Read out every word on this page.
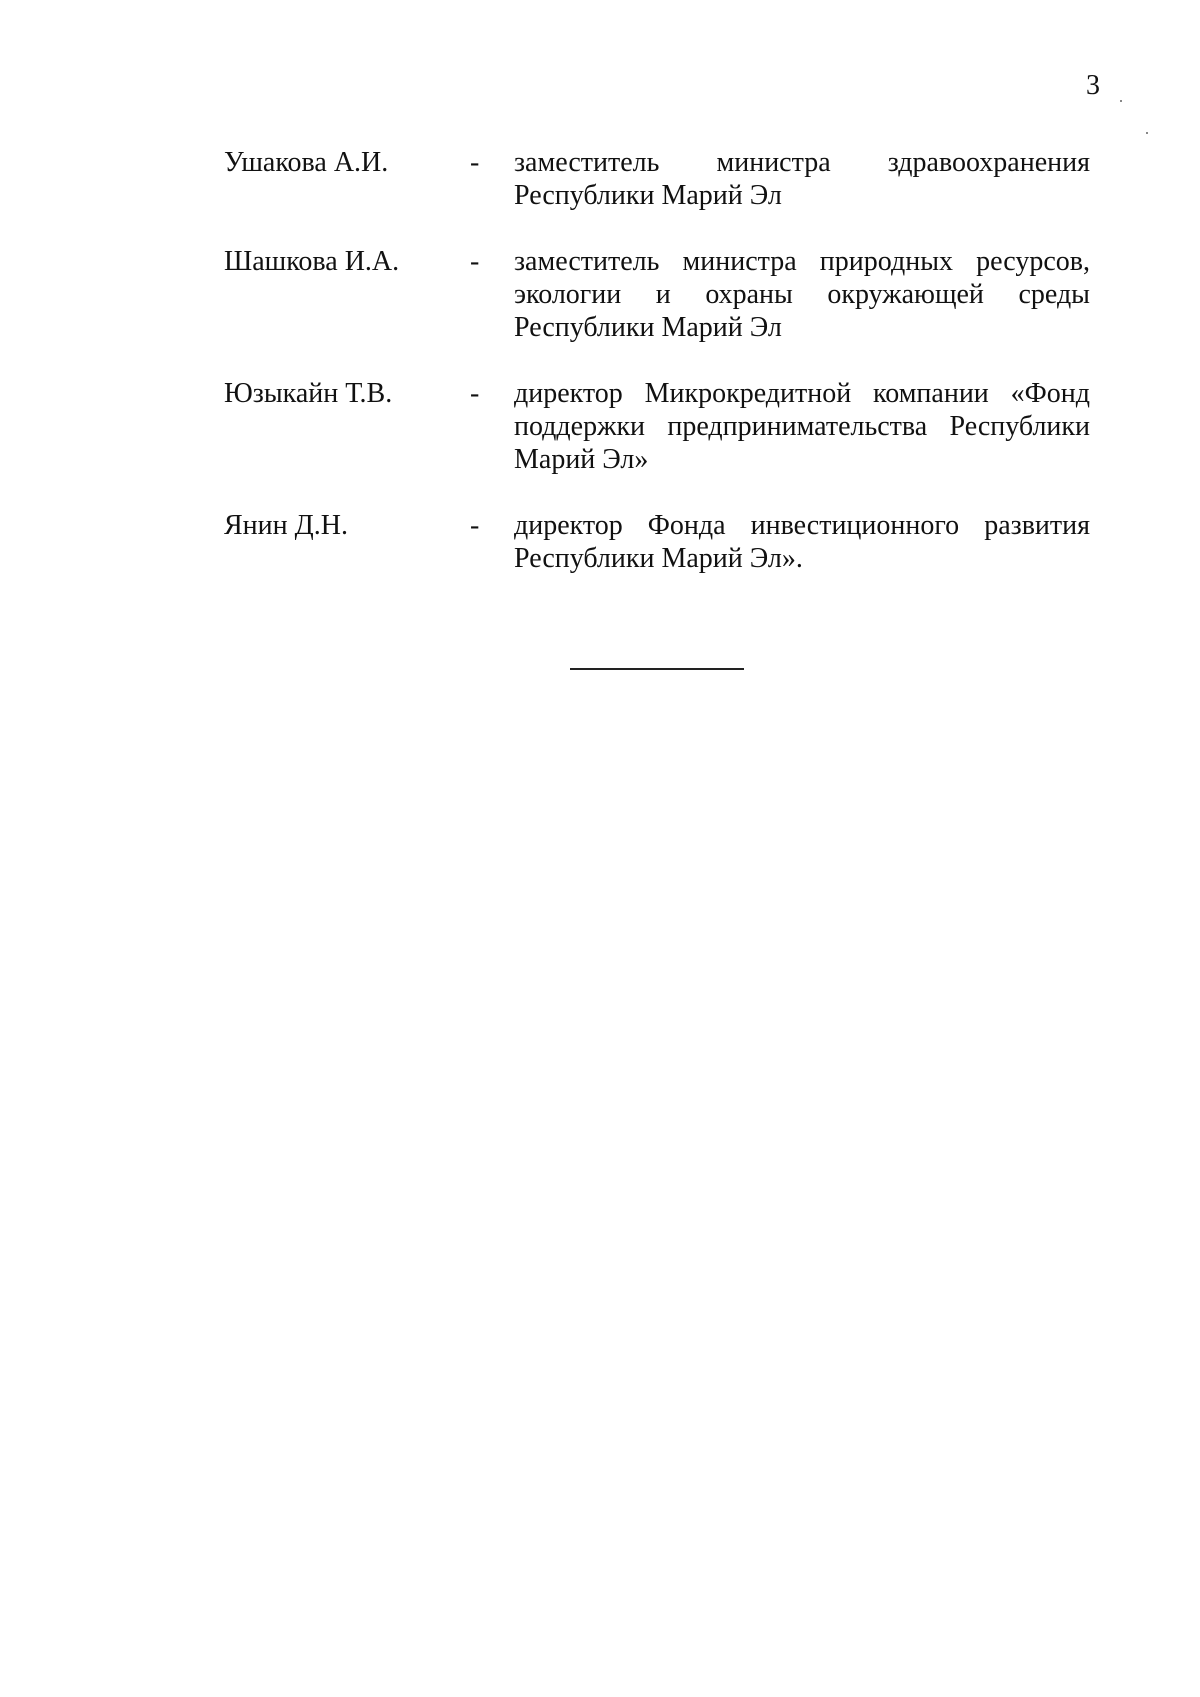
3
Ушакова А.И.	-	заместитель министра здравоохранения Республики Марий Эл
Шашкова И.А.	-	заместитель министра природных ресурсов, экологии и охраны окружающей среды Республики Марий Эл
Юзыкайн Т.В.	-	директор Микрокредитной компании «Фонд поддержки предпринимательства Республики Марий Эл»
Янин Д.Н.	-	директор Фонда инвестиционного развития Республики Марий Эл».
